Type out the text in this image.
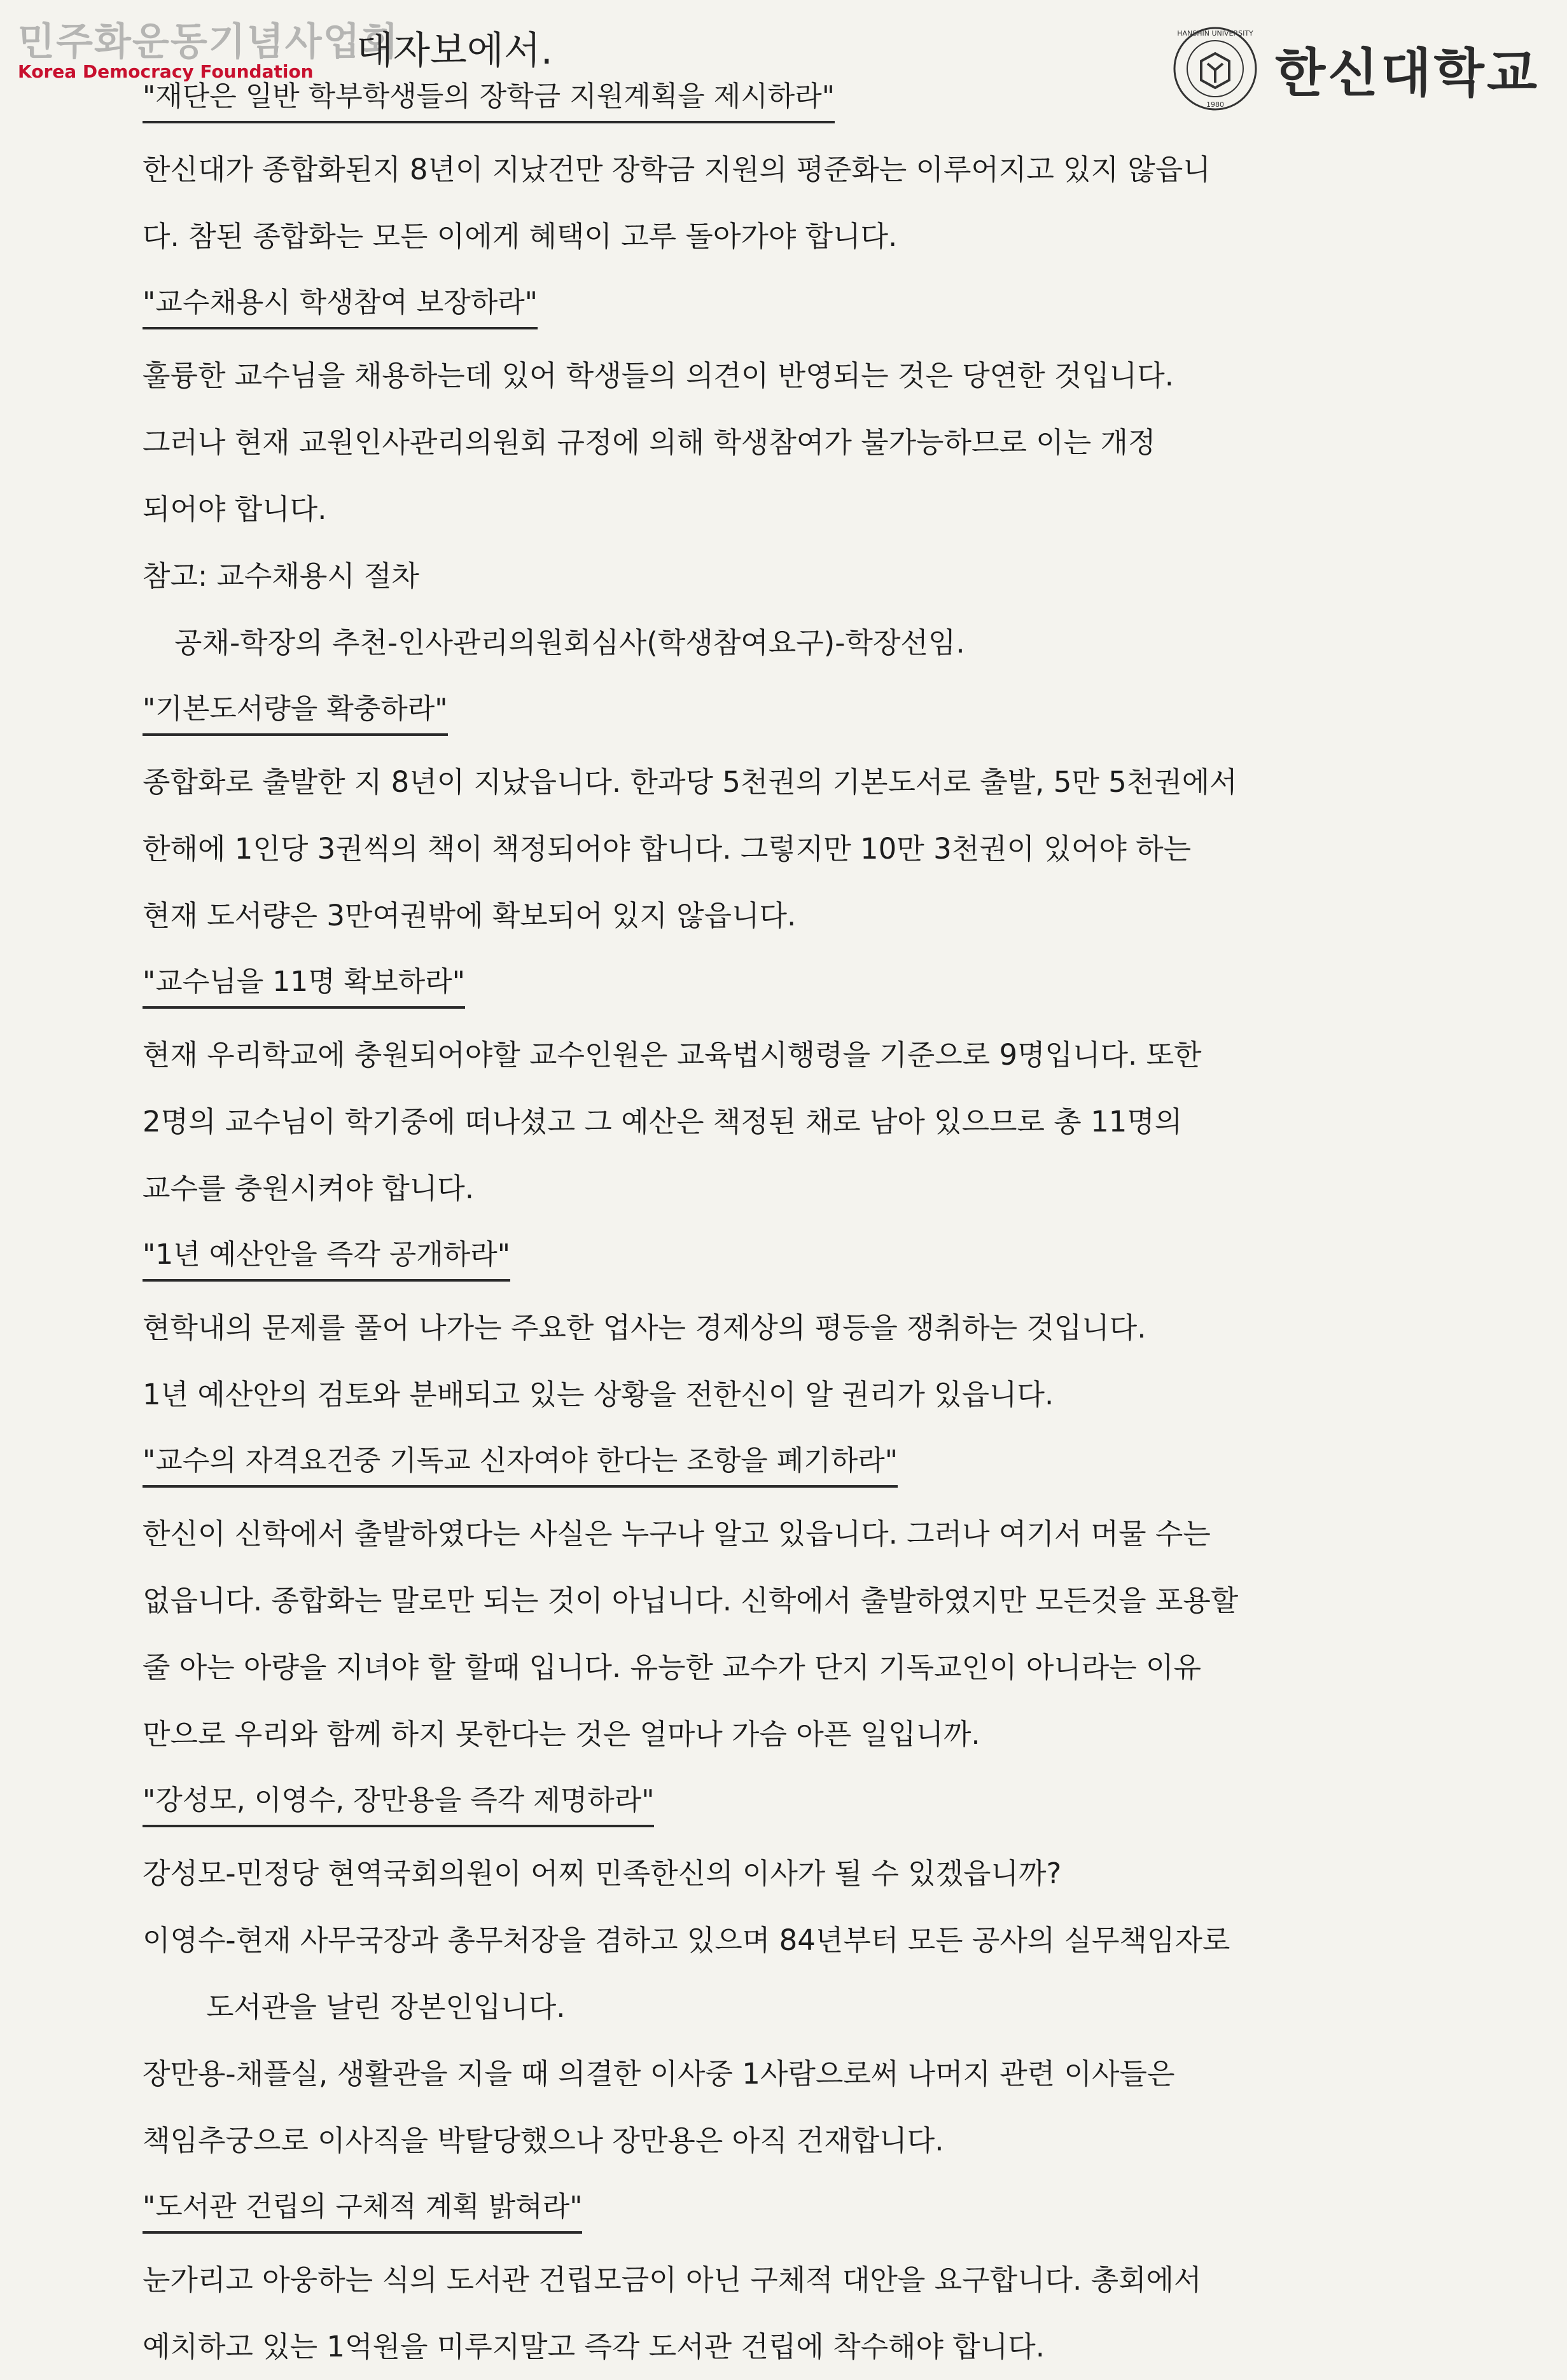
민주화운동기념사업회
Korea Democracy Foundation	대자보에서.	HANSHIN UNIVERSITY
1980
한신대학교
"재단은 일반 학부학생들의 장학금 지원계획을 제시하라"
한신대가 종합화된지 8년이 지났건만 장학금 지원의 평준화는 이루어지고 있지 않읍니
다. 참된 종합화는 모든 이에게 혜택이 고루 돌아가야 합니다.
"교수채용시 학생참여 보장하라"
훌륭한 교수님을 채용하는데 있어 학생들의 의견이 반영되는 것은 당연한 것입니다.
그러나 현재 교원인사관리의원회 규정에 의해 학생참여가 불가능하므로 이는 개정
되어야 합니다.
참고: 교수채용시 절차
공채-학장의 추천-인사관리의원회심사(학생참여요구)-학장선임.
"기본도서량을 확충하라"
종합화로 출발한 지 8년이 지났읍니다. 한과당 5천권의 기본도서로 출발, 5만 5천권에서
한해에 1인당 3권씩의 책이 책정되어야 합니다. 그렇지만 10만 3천권이 있어야 하는
현재 도서량은 3만여권밖에 확보되어 있지 않읍니다.
"교수님을 11명 확보하라"
현재 우리학교에 충원되어야할 교수인원은 교육법시행령을 기준으로 9명입니다. 또한
2명의 교수님이 학기중에 떠나셨고 그 예산은 책정된 채로 남아 있으므로 총 11명의
교수를 충원시켜야 합니다.
"1년 예산안을 즉각 공개하라"
현학내의 문제를 풀어 나가는 주요한 업사는 경제상의 평등을 쟁취하는 것입니다.
1년 예산안의 검토와 분배되고 있는 상황을 전한신이 알 권리가 있읍니다.
"교수의 자격요건중 기독교 신자여야 한다는 조항을 폐기하라"
한신이 신학에서 출발하였다는 사실은 누구나 알고 있읍니다. 그러나 여기서 머물 수는
없읍니다. 종합화는 말로만 되는 것이 아닙니다. 신학에서 출발하였지만 모든것을 포용할
줄 아는 아량을 지녀야 할 할때 입니다. 유능한 교수가 단지 기독교인이 아니라는 이유
만으로 우리와 함께 하지 못한다는 것은 얼마나 가슴 아픈 일입니까.
"강성모, 이영수, 장만용을 즉각 제명하라"
강성모-민정당 현역국회의원이 어찌 민족한신의 이사가 될 수 있겠읍니까?
이영수-현재 사무국장과 총무처장을 겸하고 있으며 84년부터 모든 공사의 실무책임자로
도서관을 날린 장본인입니다.
장만용-채플실, 생활관을 지을 때 의결한 이사중 1사람으로써 나머지 관련 이사들은
책임추궁으로 이사직을 박탈당했으나 장만용은 아직 건재합니다.
"도서관 건립의 구체적 계획 밝혀라"
눈가리고 아웅하는 식의 도서관 건립모금이 아닌 구체적 대안을 요구합니다. 총회에서
예치하고 있는 1억원을 미루지말고 즉각 도서관 건립에 착수해야 합니다.
